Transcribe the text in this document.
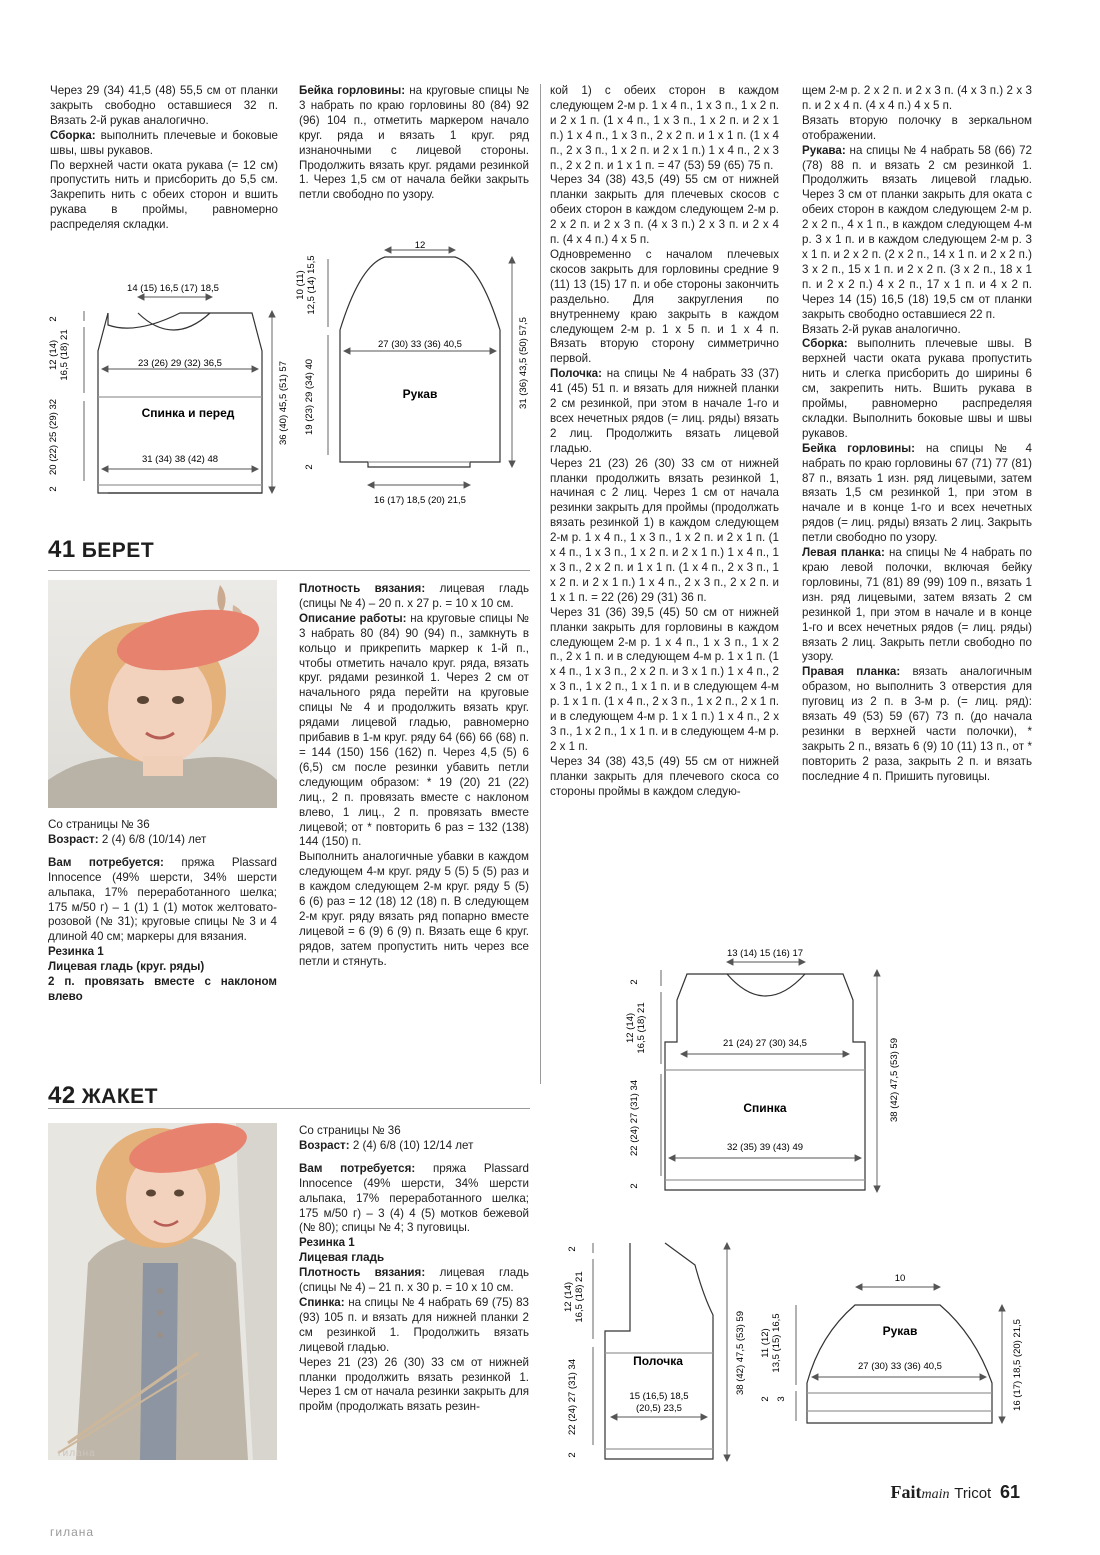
Через 29 (34) 41,5 (48) 55,5 см от планки закрыть свободно оставшиеся 32 п. Вязать 2-й рукав аналогично.

Сборка: выполнить плечевые и боковые швы, швы рукавов.

По верхней части оката рукава (= 12 см) пропустить нить и присборить до 5,5 см. Закрепить нить с обеих сторон и вшить рукава в проймы, равномерно распределяя складки.

Бейка горловины: на круговые спицы № 3 набрать по краю горловины 80 (84) 92 (96) 104 п., отметить маркером начало круг. ряда и вязать 1 круг. ряд изнаночными с лицевой стороны. Продолжить вязать круг. рядами резинкой 1. Через 1,5 см от начала бейки закрыть петли свободно по узору.

14 (15) 16,5 (17) 18,5
23 (26) 29 (32) 36,5
Спинка и перед
31 (34) 38 (42) 48
2
12 (14)16,5 (18) 21
20 (22) 25 (29) 32
2
36 (40) 45,5 (51) 57
12
27 (30) 33 (36) 40,5
Рукав
16 (17) 18,5 (20) 21,5
10 (11)12,5 (14) 15,5
19 (23) 29 (34) 40
2
31 (36) 43,5 (50) 57,5
41 БЕРЕТ

Со страницы № 36

Возраст: 2 (4) 6/8 (10/14) лет

Вам потребуется: пряжа Plassard Innocence (49% шерсти, 34% шерсти альпака, 17% переработанного шелка; 175 м/50 г) – 1 (1) 1 (1) моток желтовато-розовой (№ 31); круговые спицы № 3 и 4 длиной 40 см; маркеры для вязания.

Резинка 1

Лицевая гладь (круг. ряды)

2 п. провязать вместе с наклоном влево

Плотность вязания: лицевая гладь (спицы № 4) – 20 п. х 27 р. = 10 х 10 см.

Описание работы: на круговые спицы № 3 набрать 80 (84) 90 (94) п., замкнуть в кольцо и прикрепить маркер к 1-й п., чтобы отметить начало круг. ряда, вязать круг. рядами резинкой 1. Через 2 см от начального ряда перейти на круговые спицы № 4 и продолжить вязать круг. рядами лицевой гладью, равномерно прибавив в 1-м круг. ряду 64 (66) 66 (68) п. = 144 (150) 156 (162) п. Через 4,5 (5) 6 (6,5) см после резинки убавить петли следующим образом: * 19 (20) 21 (22) лиц., 2 п. провязать вместе с наклоном влево, 1 лиц., 2 п. провязать вместе лицевой; от * повторить 6 раз = 132 (138) 144 (150) п.

Выполнить аналогичные убавки в каждом следующем 4-м круг. ряду 5 (5) 5 (5) раз и в каждом следующем 2-м круг. ряду 5 (5) 6 (6) раз = 12 (18) 12 (18) п. В следующем 2-м круг. ряду вязать ряд попарно вместе лицевой = 6 (9) 6 (9) п. Вязать еще 6 круг. рядов, затем пропустить нить через все петли и стянуть.

42 ЖАКЕТ
гилана

Со страницы № 36

Возраст: 2 (4) 6/8 (10) 12/14 лет

Вам потребуется: пряжа Plassard Innocence (49% шерсти, 34% шерсти альпака, 17% переработанного шелка; 175 м/50 г) – 3 (4) 4 (5) мотков бежевой (№ 80); спицы № 4; 3 пуговицы.

Резинка 1

Лицевая гладь

Плотность вязания: лицевая гладь (спицы № 4) – 21 п. х 30 р. = 10 х 10 см.

Спинка: на спицы № 4 набрать 69 (75) 83 (93) 105 п. и вязать для нижней планки 2 см резинкой 1. Продолжить вязать лицевой гладью.

Через 21 (23) 26 (30) 33 см от нижней планки продолжить вязать резинкой 1. Через 1 см от начала резинки закрыть для пройм (продолжать вязать резин-

кой 1) с обеих сторон в каждом следующем 2-м р. 1 х 4 п., 1 х 3 п., 1 х 2 п. и 2 х 1 п. (1 х 4 п., 1 х 3 п., 1 х 2 п. и 2 х 1 п.) 1 х 4 п., 1 х 3 п., 2 х 2 п. и 1 х 1 п. (1 х 4 п., 2 х 3 п., 1 х 2 п. и 2 х 1 п.) 1 х 4 п., 2 х 3 п., 2 х 2 п. и 1 х 1 п. = 47 (53) 59 (65) 75 п.

Через 34 (38) 43,5 (49) 55 см от нижней планки закрыть для плечевых скосов с обеих сторон в каждом следующем 2-м р. 2 х 2 п. и 2 х 3 п. (4 х 3 п.) 2 х 3 п. и 2 х 4 п. (4 х 4 п.) 4 х 5 п.

Одновременно с началом плечевых скосов закрыть для горловины средние 9 (11) 13 (15) 17 п. и обе стороны закончить раздельно. Для закругления по внутреннему краю закрыть в каждом следующем 2-м р. 1 х 5 п. и 1 х 4 п. Вязать вторую сторону симметрично первой.

Полочка: на спицы № 4 набрать 33 (37) 41 (45) 51 п. и вязать для нижней планки 2 см резинкой, при этом в начале 1-го и всех нечетных рядов (= лиц. ряды) вязать 2 лиц. Продолжить вязать лицевой гладью.

Через 21 (23) 26 (30) 33 см от нижней планки продолжить вязать резинкой 1, начиная с 2 лиц. Через 1 см от начала резинки закрыть для проймы (продолжать вязать резинкой 1) в каждом следующем 2-м р. 1 х 4 п., 1 х 3 п., 1 х 2 п. и 2 х 1 п. (1 х 4 п., 1 х 3 п., 1 х 2 п. и 2 х 1 п.) 1 х 4 п., 1 х 3 п., 2 х 2 п. и 1 х 1 п. (1 х 4 п., 2 х 3 п., 1 х 2 п. и 2 х 1 п.) 1 х 4 п., 2 х 3 п., 2 х 2 п. и 1 х 1 п. = 22 (26) 29 (31) 36 п.

Через 31 (36) 39,5 (45) 50 см от нижней планки закрыть для горловины в каждом следующем 2-м р. 1 х 4 п., 1 х 3 п., 1 х 2 п., 2 х 1 п. и в следующем 4-м р. 1 х 1 п. (1 х 4 п., 1 х 3 п., 2 х 2 п. и 3 х 1 п.) 1 х 4 п., 2 х 3 п., 1 х 2 п., 1 х 1 п. и в следующем 4-м р. 1 х 1 п. (1 х 4 п., 2 х 3 п., 1 х 2 п., 2 х 1 п. и в следующем 4-м р. 1 х 1 п.) 1 х 4 п., 2 х 3 п., 1 х 2 п., 1 х 1 п. и в следующем 4-м р. 2 х 1 п.

Через 34 (38) 43,5 (49) 55 см от нижней планки закрыть для плечевого скоса со стороны проймы в каждом следую-

щем 2-м р. 2 х 2 п. и 2 х 3 п. (4 х 3 п.) 2 х 3 п. и 2 х 4 п. (4 х 4 п.) 4 х 5 п.

Вязать вторую полочку в зеркальном отображении.

Рукава: на спицы № 4 набрать 58 (66) 72 (78) 88 п. и вязать 2 см резинкой 1. Продолжить вязать лицевой гладью. Через 3 см от планки закрыть для оката с обеих сторон в каждом следующем 2-м р. 2 х 2 п., 4 х 1 п., в каждом следующем 4-м р. 3 х 1 п. и в каждом следующем 2-м р. 3 х 1 п. и 2 х 2 п. (2 х 2 п., 14 х 1 п. и 2 х 2 п.) 3 х 2 п., 15 х 1 п. и 2 х 2 п. (3 х 2 п., 18 х 1 п. и 2 х 2 п.) 4 х 2 п., 17 х 1 п. и 4 х 2 п. Через 14 (15) 16,5 (18) 19,5 см от планки закрыть свободно оставшиеся 22 п.

Вязать 2-й рукав аналогично.

Сборка: выполнить плечевые швы. В верхней части оката рукава пропустить нить и слегка присборить до ширины 6 см, закрепить нить. Вшить рукава в проймы, равномерно распределяя складки. Выполнить боковые швы и швы рукавов.

Бейка горловины: на спицы № 4 набрать по краю горловины 67 (71) 77 (81) 87 п., вязать 1 изн. ряд лицевыми, затем вязать 1,5 см резинкой 1, при этом в начале и в конце 1-го и всех нечетных рядов (= лиц. ряды) вязать 2 лиц. Закрыть петли свободно по узору.

Левая планка: на спицы № 4 набрать по краю левой полочки, включая бейку горловины, 71 (81) 89 (99) 109 п., вязать 1 изн. ряд лицевыми, затем вязать 2 см резинкой 1, при этом в начале и в конце 1-го и всех нечетных рядов (= лиц. ряды) вязать 2 лиц. Закрыть петли свободно по узору.

Правая планка: вязать аналогичным образом, но выполнить 3 отверстия для пуговиц из 2 п. в 3-м р. (= лиц. ряд): вязать 49 (53) 59 (67) 73 п. (до начала резинки в верхней части полочки), * закрыть 2 п., вязать 6 (9) 10 (11) 13 п., от * повторить 2 раза, закрыть 2 п. и вязать последние 4 п. Пришить пуговицы.

13 (14) 15 (16) 17
21 (24) 27 (30) 34,5
Спинка
32 (35) 39 (43) 49
2
12 (14)16,5 (18) 21
22 (24) 27 (31) 34
2
38 (42) 47,5 (53) 59
Полочка
15 (16,5) 18,5 (20,5) 23,5
2
12 (14)16,5 (18) 21
22 (24) 27 (31) 34
2
38 (42) 47,5 (53) 59
10
Рукав
27 (30) 33 (36) 40,5
11 (12)13,5 (15) 16,5
3
2	16 (17) 18,5 (20) 21,5
Faitmain Tricot 61
гилана
